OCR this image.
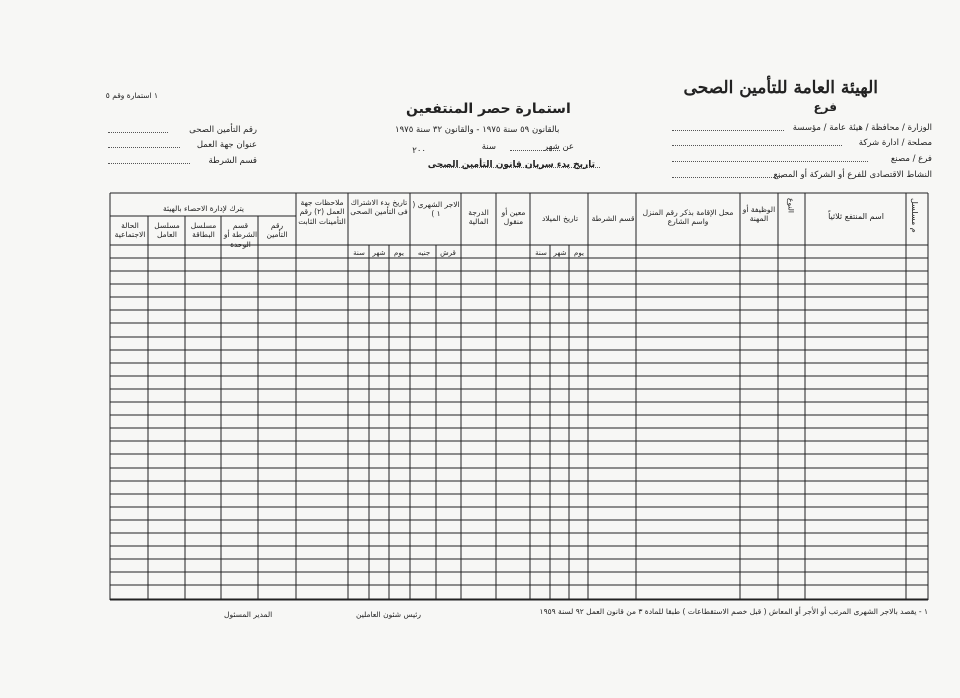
الهيئة العامة للتأمين الصحى
فرع
الوزارة / محافظة / هيئة عامة / مؤسسة
مصلحة / ادارة شركة
فرع / مصنع
النشاط الاقتصادى للفرع أو الشركة أو المصنع
استمارة حصر المنتفعين
بالقانون ٥٩ سنة ١٩٧٥ - والقانون ٣٢ سنة ١٩٧٥
عن شهر
سنة
٢٠٠
تاريخ بدء سريان قانون التأمين الصحى
١ استمارة وقم ٥
رقم التأمين الصحى
عنوان جهة العمل
قسم الشرطة
م مسلسل
اسم المنتفع ثلاثياً
النوع
الوظيفة أو المهنة
محل الإقامة بذكر رقم المنزل واسم الشارع
قسم الشرطة
تاريخ الميلاد
معين أو منقول
الدرجة المالية
الاجر الشهرى ( ١ )
تاريخ بدء الاشتراك فى التأمين الصحى
ملاحظات جهة العمل (٢) رقم التأمينات الثابت
يترك لإدارة الاحصاء بالهيئة
رقم التأمين
قسم الشرطة أو الوحدة
مسلسل البطاقة
مسلسل العامل
الحالة الاجتماعية
يوم
شهر
سنة
قرش
جنيه
يوم
شهر
سنة
١ - يقصد بالاجر الشهرى المرتب أو الأجر أو المعاش ( قبل خصم الاستقطاعات ) طبقا للمادة ٣ من قانون العمل ٩٢ لسنة ١٩٥٩
رئيس شئون العاملين
المدير المسئول
